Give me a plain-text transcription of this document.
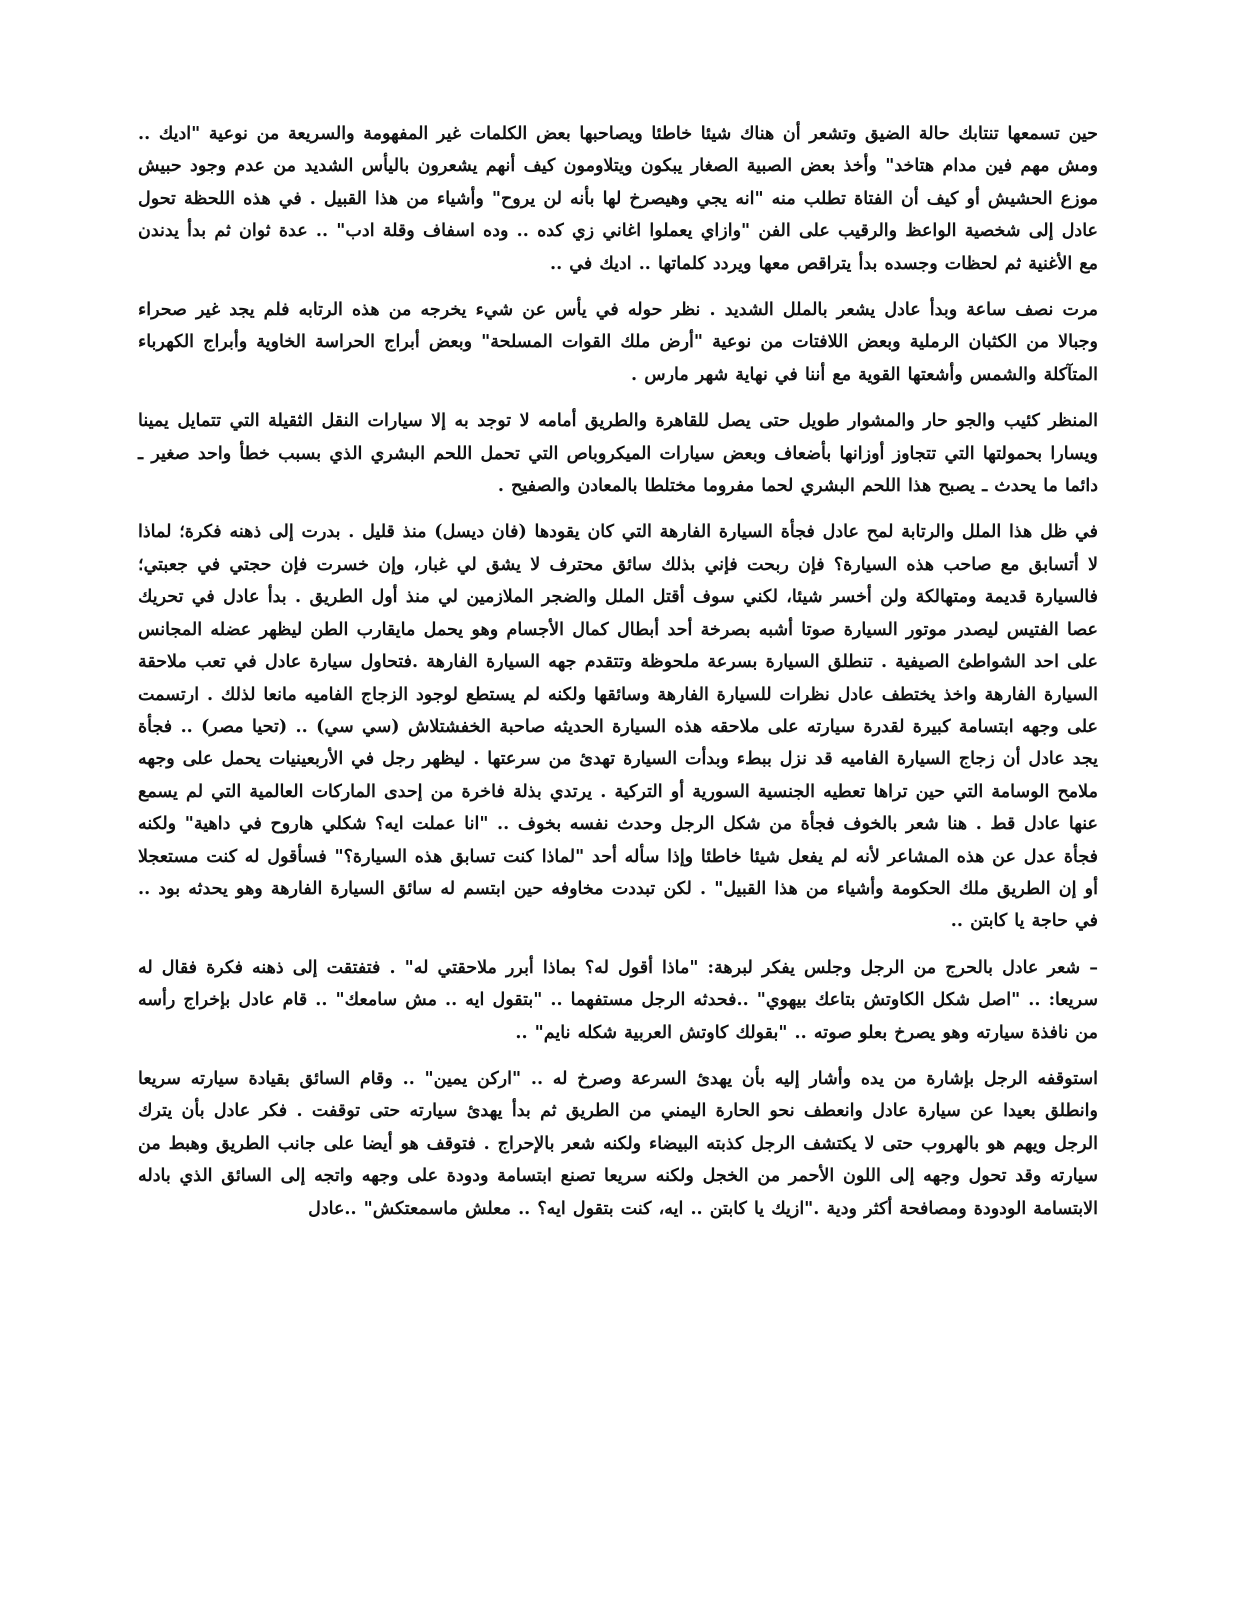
حين تسمعها تنتابك حالة الضيق وتشعر أن هناك شيئا خاطئا ويصاحبها بعض الكلمات غير المفهومة والسريعة من نوعية "اديك .. ومش مهم فين مدام هتاخد" وأخذ بعض الصبية الصغار يبكون ويتلاومون كيف أنهم يشعرون باليأس الشديد من عدم وجود حبيش موزع الحشيش أو كيف أن الفتاة تطلب منه "انه يجي وهيصرخ لها بأنه لن يروح" وأشياء من هذا القبيل . في هذه اللحظة تحول عادل إلى شخصية الواعظ والرقيب على الفن "وازاي يعملوا اغاني زي كده .. وده اسفاف وقلة ادب" .. عدة ثوان ثم بدأ يدندن مع الأغنية ثم لحظات وجسده بدأ يتراقص معها ويردد كلماتها .. اديك في ..

مرت نصف ساعة وبدأ عادل يشعر بالملل الشديد . نظر حوله في يأس عن شيء يخرجه من هذه الرتابه فلم يجد غير صحراء وجبالا من الكثبان الرملية وبعض اللافتات من نوعية "أرض ملك القوات المسلحة" وبعض أبراج الحراسة الخاوية وأبراج الكهرباء المتآكلة والشمس وأشعتها القوية مع أننا في نهاية شهر مارس .

المنظر كئيب والجو حار والمشوار طويل حتى يصل للقاهرة والطريق أمامه لا توجد به إلا سيارات النقل الثقيلة التي تتمايل يمينا ويسارا بحمولتها التي تتجاوز أوزانها بأضعاف وبعض سيارات الميكروباص التي تحمل اللحم البشري الذي بسبب خطأ واحد صغير ـ دائما ما يحدث ـ يصبح هذا اللحم البشري لحما مفروما مختلطا بالمعادن والصفيح .

في ظل هذا الملل والرتابة لمح عادل فجأة السيارة الفارهة التي كان يقودها (فان ديسل) منذ قليل . بدرت إلى ذهنه فكرة؛ لماذا لا أتسابق مع صاحب هذه السيارة؟ فإن ربحت فإني بذلك سائق محترف لا يشق لي غبار، وإن خسرت فإن حجتي في جعبتي؛ فالسيارة قديمة ومتهالكة ولن أخسر شيئا، لكني سوف أقتل الملل والضجر الملازمين لي منذ أول الطريق . بدأ عادل في تحريك عصا الفتيس ليصدر موتور السيارة صوتا أشبه بصرخة أحد أبطال كمال الأجسام وهو يحمل مايقارب الطن ليظهر عضله المجانس على احد الشواطئ الصيفية . تنطلق السيارة بسرعة ملحوظة وتتقدم جهه السيارة الفارهة .فتحاول سيارة عادل في تعب ملاحقة السيارة الفارهة واخذ يختطف عادل نظرات للسيارة الفارهة وسائقها ولكنه لم يستطع لوجود الزجاج الفاميه مانعا لذلك . ارتسمت على وجهه ابتسامة كبيرة لقدرة سيارته على ملاحقه هذه السيارة الحديثه صاحبة الخفشتلاش (سي سي) .. (تحيا مصر) .. فجأة يجد عادل أن زجاج السيارة الفاميه قد نزل ببطء وبدأت السيارة تهدئ من سرعتها . ليظهر رجل في الأربعينيات يحمل على وجهه ملامح الوسامة التي حين تراها تعطيه الجنسية السورية أو التركية . يرتدي بذلة فاخرة من إحدى الماركات العالمية التي لم يسمع عنها عادل قط . هنا شعر بالخوف فجأة من شكل الرجل وحدث نفسه بخوف .. "انا عملت ايه؟ شكلي هاروح في داهية" ولكنه فجأة عدل عن هذه المشاعر لأنه لم يفعل شيئا خاطئا وإذا سأله أحد "لماذا كنت تسابق هذه السيارة؟" فسأقول له كنت مستعجلا أو إن الطريق ملك الحكومة وأشياء من هذا القبيل" . لكن تبددت مخاوفه حين ابتسم له سائق السيارة الفارهة وهو يحدثه بود .. في حاجة يا كابتن ..

– شعر عادل بالحرج من الرجل وجلس يفكر لبرهة: "ماذا أقول له؟ بماذا أبرر ملاحقتي له" . فتفتقت إلى ذهنه فكرة فقال له سريعا: .. "اصل شكل الكاوتش بتاعك بيهوي" ..فحدثه الرجل مستفهما .. "بتقول ايه .. مش سامعك" .. قام عادل بإخراج رأسه من نافذة سيارته وهو يصرخ بعلو صوته .. "بقولك كاوتش العربية شكله نايم" ..

استوقفه الرجل بإشارة من يده وأشار إليه بأن يهدئ السرعة وصرخ له .. "اركن يمين" .. وقام السائق بقيادة سيارته سريعا وانطلق بعيدا عن سيارة عادل وانعطف نحو الحارة اليمني من الطريق ثم بدأ يهدئ سيارته حتى توقفت . فكر عادل بأن يترك الرجل ويهم هو بالهروب حتى لا يكتشف الرجل كذبته البيضاء ولكنه شعر بالإحراج . فتوقف هو أيضا على جانب الطريق وهبط من سيارته وقد تحول وجهه إلى اللون الأحمر من الخجل ولكنه سريعا تصنع ابتسامة ودودة على وجهه واتجه إلى السائق الذي بادله الابتسامة الودودة ومصافحة أكثر ودية ."ازيك يا كابتن .. ايه، كنت بتقول ايه؟ .. معلش ماسمعتكش" ..عادل
